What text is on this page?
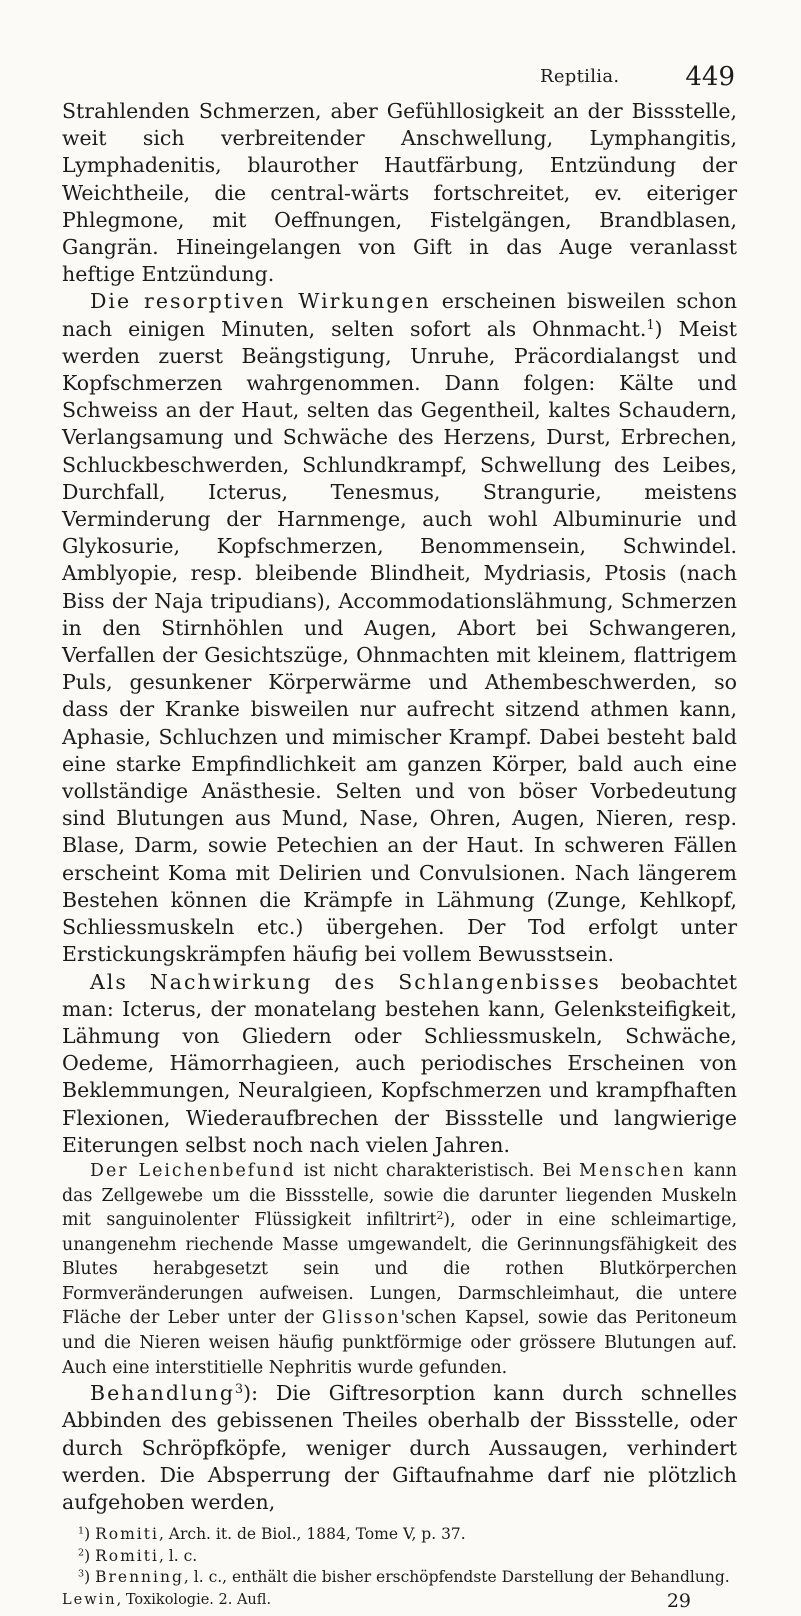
Reptilia.	449

Strahlenden Schmerzen, aber Gefühllosigkeit an der Bissstelle, weit sich verbreitender Anschwellung, Lymphangitis, Lymphadenitis, blaurother Hautfärbung, Entzündung der Weichtheile, die central-wärts fortschreitet, ev. eiteriger Phlegmone, mit Oeffnungen, Fistelgängen, Brandblasen, Gangrän. Hineingelangen von Gift in das Auge veranlasst heftige Entzündung.

Die resorptiven Wirkungen erscheinen bisweilen schon nach einigen Minuten, selten sofort als Ohnmacht.$^1$) Meist werden zuerst Beängstigung, Unruhe, Präcordialangst und Kopfschmerzen wahrgenommen. Dann folgen: Kälte und Schweiss an der Haut, selten das Gegentheil, kaltes Schaudern, Verlangsamung und Schwäche des Herzens, Durst, Erbrechen, Schluckbeschwerden, Schlundkrampf, Schwellung des Leibes, Durchfall, Icterus, Tenesmus, Strangurie, meistens Verminderung der Harnmenge, auch wohl Albuminurie und Glykosurie, Kopfschmerzen, Benommensein, Schwindel. Amblyopie, resp. bleibende Blindheit, Mydriasis, Ptosis (nach Biss der Naja tripudians), Accommodationslähmung, Schmerzen in den Stirnhöhlen und Augen, Abort bei Schwangeren, Verfallen der Gesichtszüge, Ohnmachten mit kleinem, flattrigem Puls, gesunkener Körperwärme und Athembeschwerden, so dass der Kranke bisweilen nur aufrecht sitzend athmen kann, Aphasie, Schluchzen und mimischer Krampf. Dabei besteht bald eine starke Empfindlichkeit am ganzen Körper, bald auch eine vollständige Anästhesie. Selten und von böser Vorbedeutung sind Blutungen aus Mund, Nase, Ohren, Augen, Nieren, resp. Blase, Darm, sowie Petechien an der Haut. In schweren Fällen erscheint Koma mit Delirien und Convulsionen. Nach längerem Bestehen können die Krämpfe in Lähmung (Zunge, Kehlkopf, Schliessmuskeln etc.) übergehen. Der Tod erfolgt unter Erstickungskrämpfen häufig bei vollem Bewusstsein.

Als Nachwirkung des Schlangenbisses beobachtet man: Icterus, der monatelang bestehen kann, Gelenksteifigkeit, Lähmung von Gliedern oder Schliessmuskeln, Schwäche, Oedeme, Hämorrhagieen, auch periodisches Erscheinen von Beklemmungen, Neuralgieen, Kopfschmerzen und krampfhaften Flexionen, Wiederaufbrechen der Bissstelle und langwierige Eiterungen selbst noch nach vielen Jahren.

Der Leichenbefund ist nicht charakteristisch. Bei Menschen kann das Zellgewebe um die Bissstelle, sowie die darunter liegenden Muskeln mit sanguinolenter Flüssigkeit infiltrirt$^2$), oder in eine schleimartige, unangenehm riechende Masse umgewandelt, die Gerinnungsfähigkeit des Blutes herabgesetzt sein und die rothen Blutkörperchen Formveränderungen aufweisen. Lungen, Darmschleimhaut, die untere Fläche der Leber unter der Glisson'schen Kapsel, sowie das Peritoneum und die Nieren weisen häufig punktförmige oder grössere Blutungen auf. Auch eine interstitielle Nephritis wurde gefunden.

Behandlung$^3$): Die Giftresorption kann durch schnelles Abbinden des gebissenen Theiles oberhalb der Bissstelle, oder durch Schröpfköpfe, weniger durch Aussaugen, verhindert werden. Die Absperrung der Giftaufnahme darf nie plötzlich aufgehoben werden,

$^1$) Romiti, Arch. it. de Biol., 1884, Tome V, p. 37.

$^2$) Romiti, l. c.

$^3$) Brenning, l. c., enthält die bisher erschöpfendste Darstellung der Behandlung.

Lewin, Toxikologie. 2. Aufl.	29
